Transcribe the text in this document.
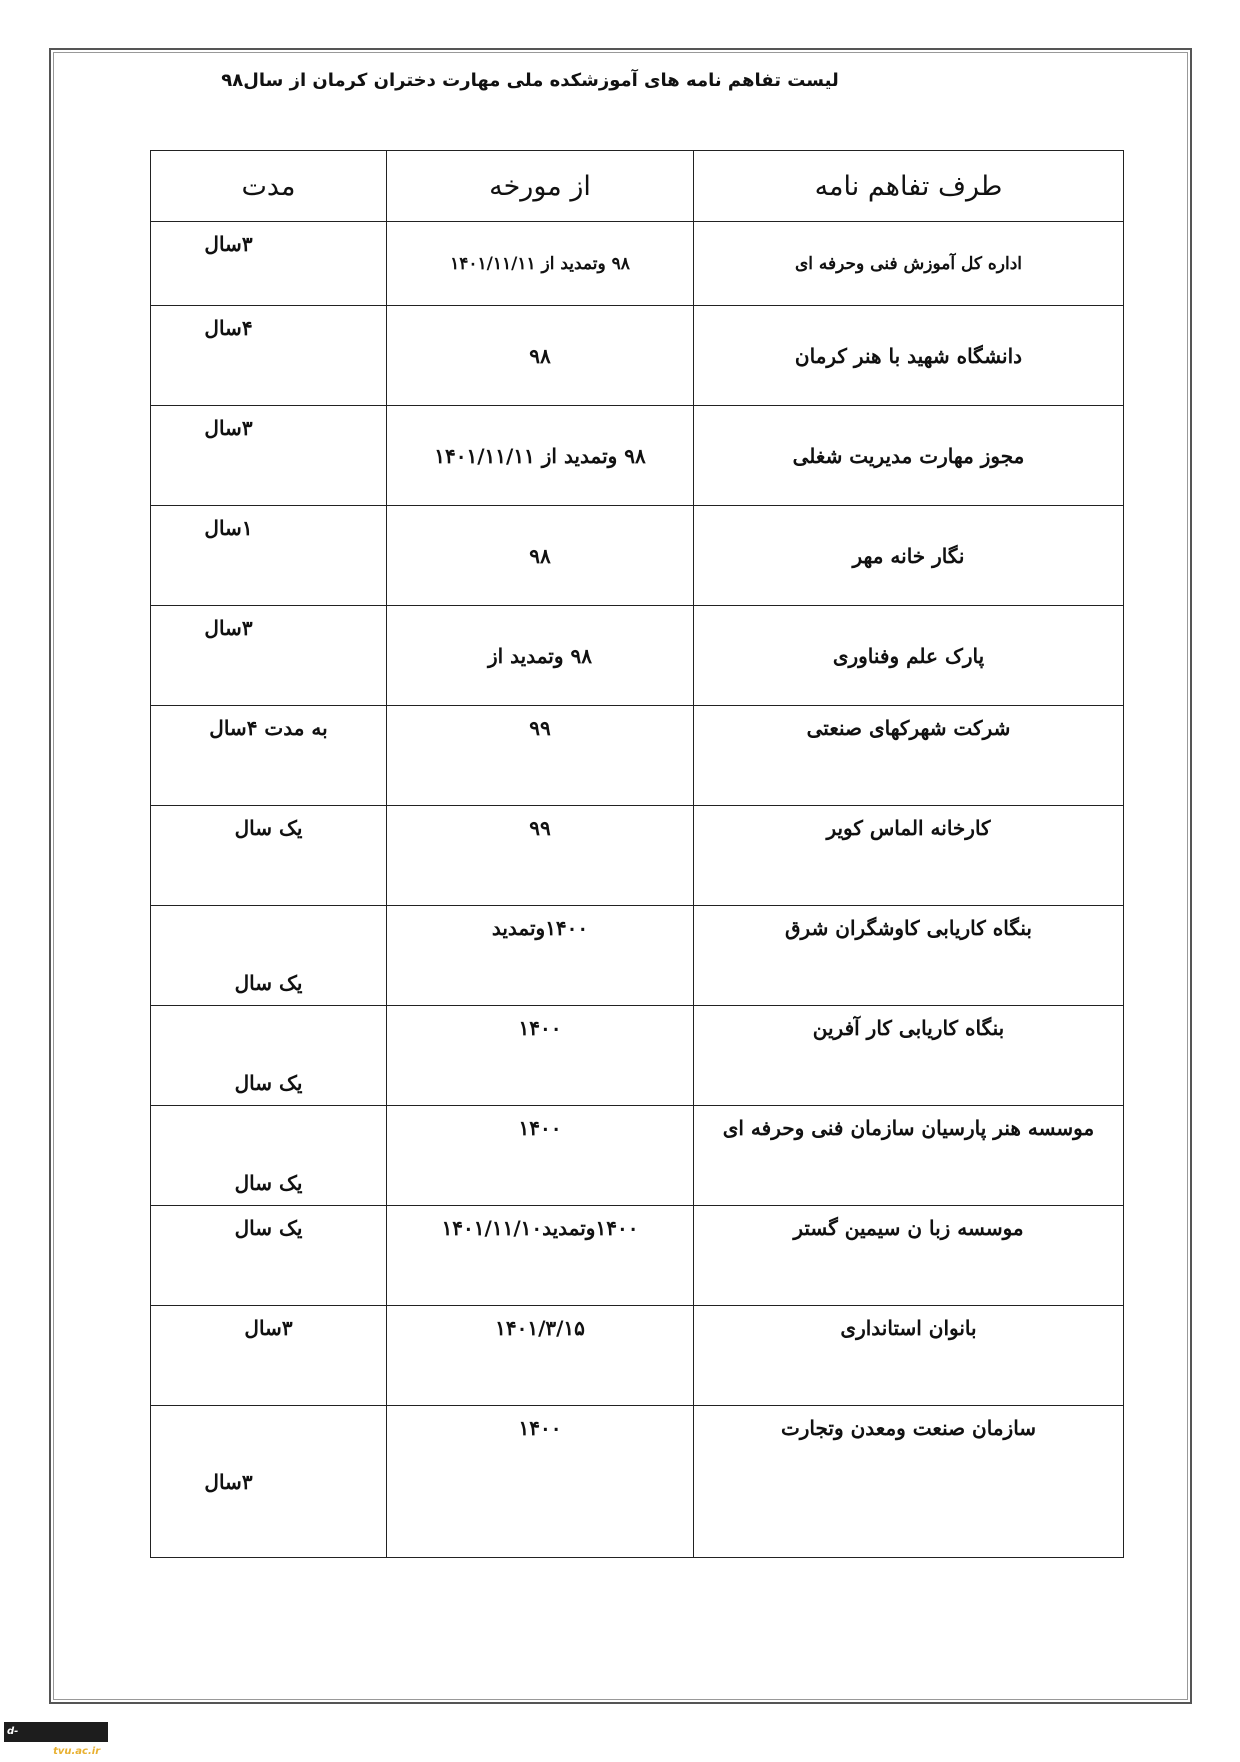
لیست تفاهم نامه های آموزشکده ملی مهارت دختران کرمان از سال۹۸
طرف تفاهم نامه	از مورخه	مدت

اداره کل آموزش فنی وحرفه ای	۹۸ وتمدید از ۱۴۰۱/۱۱/۱۱	۳سال

دانشگاه شهید با هنر کرمان	۹۸	۴سال

مجوز مهارت مدیریت شغلی	۹۸ وتمدید از ۱۴۰۱/۱۱/۱۱	۳سال

نگار خانه مهر	۹۸	۱سال

پارک علم وفناوری	۹۸ وتمدید از	۳سال

شرکت شهرکهای صنعتی	۹۹	به مدت ۴سال

کارخانه الماس کویر	۹۹	یک سال

بنگاه کاریابی کاوشگران شرق	۱۴۰۰وتمدید	یک سال

بنگاه کاریابی کار آفرین	۱۴۰۰	یک سال

موسسه هنر پارسیان سازمان فنی وحرفه ای	۱۴۰۰	یک سال

موسسه زبا ن سیمین گستر	۱۴۰۰وتمدید۱۴۰۱/۱۱/۱۰	یک سال

بانوان استانداری	۱۴۰۱/۳/۱۵	۳سال

سازمان صنعت ومعدن وتجارت	۱۴۰۰	۳سال
d-kerman.tvu.ac.ir
